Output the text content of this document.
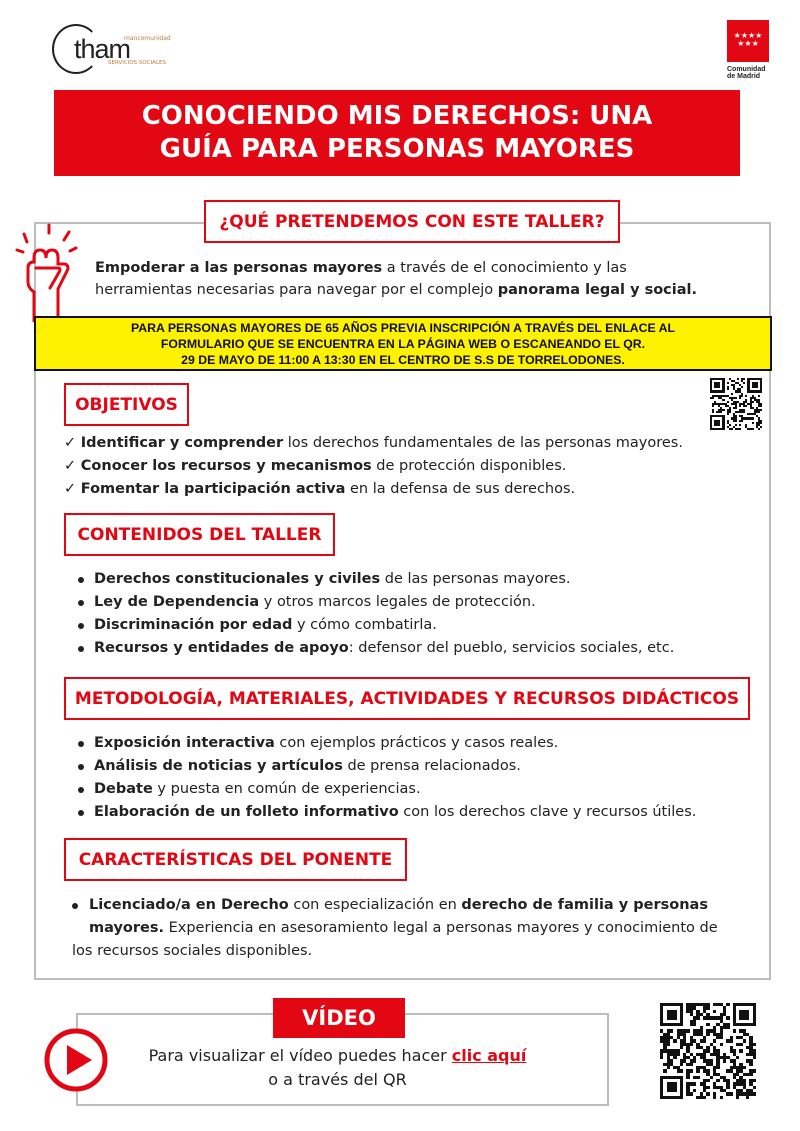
mancomunidad
tham
SERVICIOS SOCIALES
★★★★
★★★
Comunidad
de Madrid
CONOCIENDO MIS DERECHOS: UNA
GUÍA PARA PERSONAS MAYORES
¿QUÉ PRETENDEMOS CON ESTE TALLER?
Empoderar a las personas mayores a través de el conocimiento y las
herramientas necesarias para navegar por el complejo panorama legal y social.
PARA PERSONAS MAYORES DE 65 AÑOS PREVIA INSCRIPCIÓN A TRAVÉS DEL ENLACE AL
FORMULARIO QUE SE ENCUENTRA EN LA PÁGINA WEB O ESCANEANDO EL QR.
29 DE MAYO DE 11:00 A 13:30 EN EL CENTRO DE S.S DE TORRELODONES.
OBJETIVOS
✓ Identificar y comprender los derechos fundamentales de las personas mayores.
✓ Conocer los recursos y mecanismos de protección disponibles.
✓ Fomentar la participación activa en la defensa de sus derechos.
CONTENIDOS DEL TALLER
Derechos constitucionales y civiles de las personas mayores.
Ley de Dependencia y otros marcos legales de protección.
Discriminación por edad y cómo combatirla.
Recursos y entidades de apoyo: defensor del pueblo, servicios sociales, etc.
METODOLOGÍA, MATERIALES, ACTIVIDADES Y RECURSOS DIDÁCTICOS
Exposición interactiva con ejemplos prácticos y casos reales.
Análisis de noticias y artículos de prensa relacionados.
Debate y puesta en común de experiencias.
Elaboración de un folleto informativo con los derechos clave y recursos útiles.
CARACTERÍSTICAS DEL PONENTE
Licenciado/a en Derecho con especialización en derecho de familia y personas
mayores. Experiencia en asesoramiento legal a personas mayores y conocimiento de
los recursos sociales disponibles.
VÍDEO
Para visualizar el vídeo puedes hacer clic aquí
o a través del QR
